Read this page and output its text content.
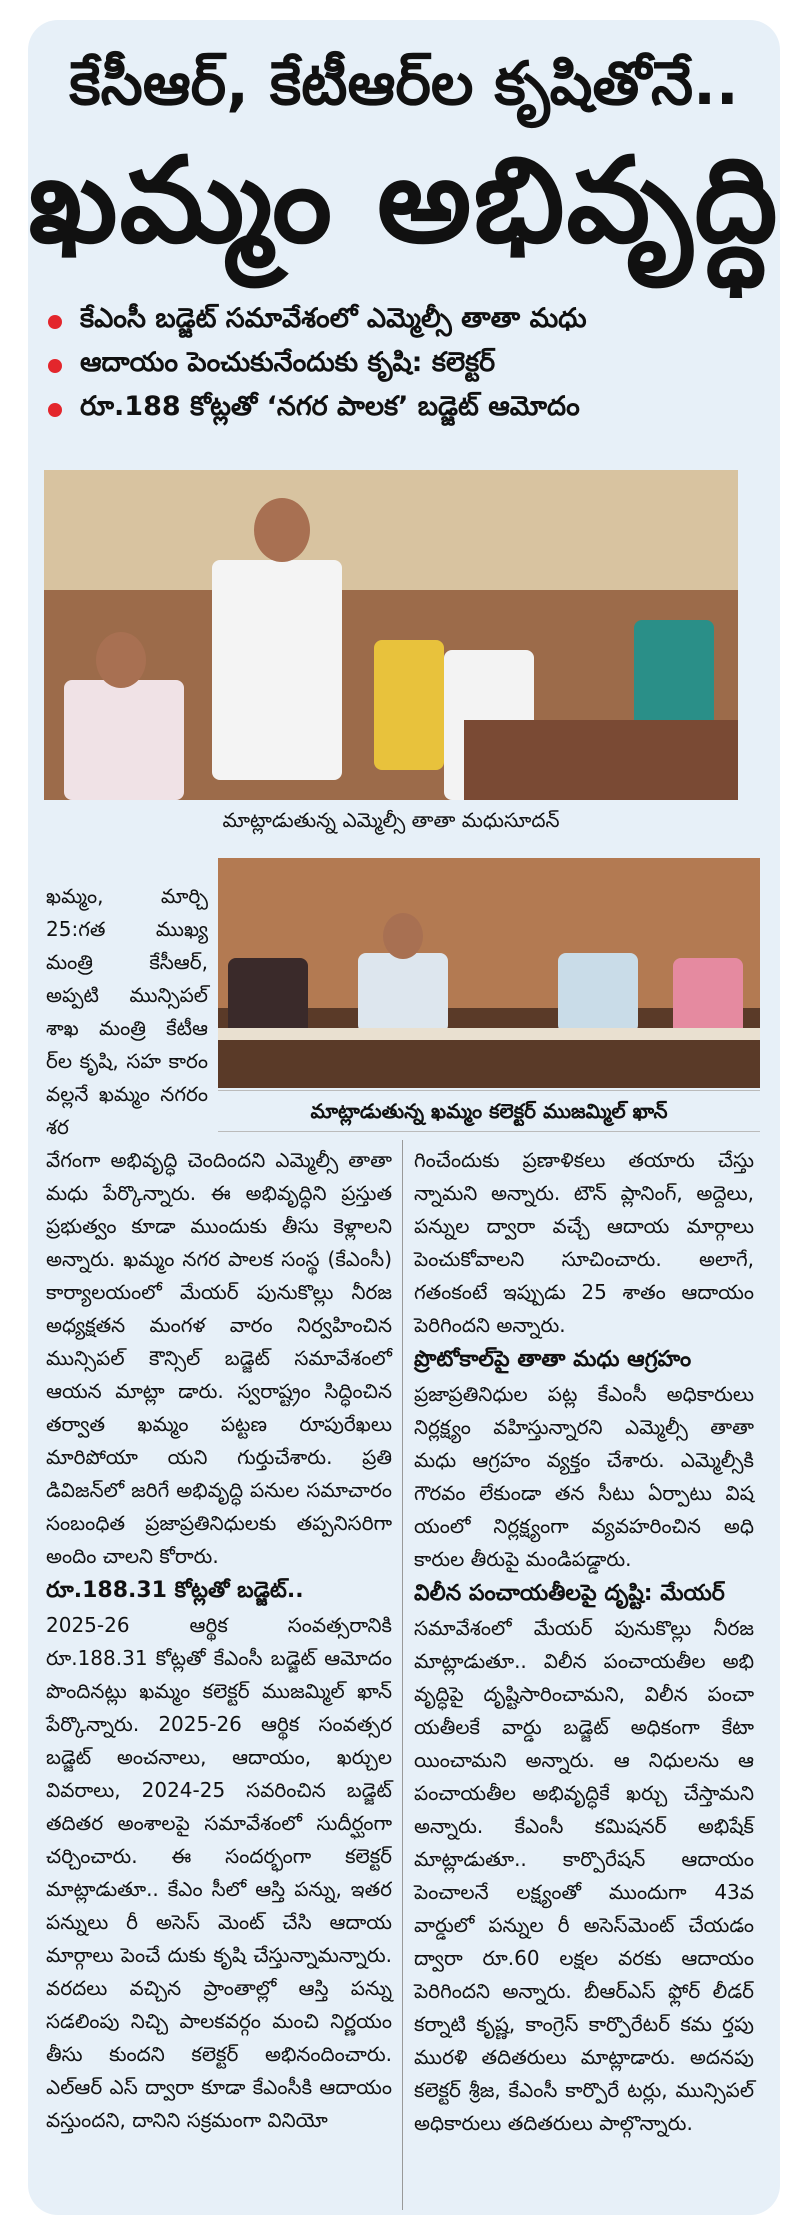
కేసీఆర్, కేటీఆర్‌ల కృషితోనే..
ఖమ్మం అభివృద్ధి
కేఎంసీ బడ్జెట్ సమావేశంలో ఎమ్మెల్సీ తాతా మధు
ఆదాయం పెంచుకునేందుకు కృషి: కలెక్టర్
రూ.188 కోట్లతో ‘నగర పాలక’ బడ్జెట్ ఆమోదం
మాట్లాడుతున్న ఎమ్మెల్సీ తాతా మధుసూదన్
మాట్లాడుతున్న ఖమ్మం కలెక్టర్ ముజమ్మిల్ ఖాన్
ఖమ్మం, మార్చి 25:గత ముఖ్య మంత్రి కేసీఆర్, అప్పటి మున్సిపల్ శాఖ మంత్రి కేటీఆ ర్‌ల కృషి, సహ కారం వల్లనే ఖమ్మం నగరం శర

వేగంగా అభివృద్ధి చెందిందని ఎమ్మెల్సీ తాతా మధు పేర్కొన్నారు. ఈ అభివృద్ధిని ప్రస్తుత ప్రభుత్వం కూడా ముందుకు తీసు కెళ్లాలని అన్నారు. ఖమ్మం నగర పాలక సంస్థ (కేఎంసీ) కార్యాలయంలో మేయర్ పునుకొల్లు నీరజ అధ్యక్షతన మంగళ వారం నిర్వహించిన మున్సిపల్ కౌన్సిల్ బడ్జెట్ సమావేశంలో ఆయన మాట్లా డారు. స్వరాష్ట్రం సిద్ధించిన తర్వాత ఖమ్మం పట్టణ రూపురేఖలు మారిపోయా యని గుర్తుచేశారు. ప్రతి డివిజన్‌లో జరిగే అభివృద్ధి పనుల సమాచారం సంబంధిత ప్రజాప్రతినిధులకు తప్పనిసరిగా అందిం చాలని కోరారు.

రూ.188.31 కోట్లతో బడ్జెట్..

2025-26 ఆర్థిక సంవత్సరానికి రూ.188.31 కోట్లతో కేఎంసీ బడ్జెట్ ఆమోదం పొందినట్లు ఖమ్మం కలెక్టర్ ముజమ్మిల్ ఖాన్ పేర్కొన్నారు. 2025-26 ఆర్థిక సంవత్సర బడ్జెట్ అంచనాలు, ఆదాయం, ఖర్చుల వివరాలు, 2024-25 సవరించిన బడ్జెట్ తదితర అంశాలపై సమావేశంలో సుదీర్ఘంగా చర్చించారు. ఈ సందర్భంగా కలెక్టర్ మాట్లాడుతూ.. కేఎం సీలో ఆస్తి పన్ను, ఇతర పన్నులు రీ అసెస్ మెంట్ చేసి ఆదాయ మార్గాలు పెంచే దుకు కృషి చేస్తున్నామన్నారు. వరదలు వచ్చిన ప్రాంతాల్లో ఆస్తి పన్ను సడలింపు నిచ్చి పాలకవర్గం మంచి నిర్ణయం తీసు కుందని కలెక్టర్ అభినందించారు. ఎల్ఆర్ ఎస్ ద్వారా కూడా కేఎంసీకి ఆదాయం వస్తుందని, దానిని సక్రమంగా వినియో

గించేందుకు ప్రణాళికలు తయారు చేస్తు న్నామని అన్నారు. టౌన్ ప్లానింగ్, అద్దెలు, పన్నుల ద్వారా వచ్చే ఆదాయ మార్గాలు పెంచుకోవాలని సూచించారు. అలాగే, గతంకంటే ఇప్పుడు 25 శాతం ఆదాయం పెరిగిందని అన్నారు.

ప్రొటోకాల్‌పై తాతా మధు ఆగ్రహం

ప్రజాప్రతినిధుల పట్ల కేఎంసీ అధికారులు నిర్లక్ష్యం వహిస్తున్నారని ఎమ్మెల్సీ తాతా మధు ఆగ్రహం వ్యక్తం చేశారు. ఎమ్మెల్సీకి గౌరవం లేకుండా తన సీటు ఏర్పాటు విష యంలో నిర్లక్ష్యంగా వ్యవహరించిన అధి కారుల తీరుపై మండిపడ్డారు.

విలీన పంచాయతీలపై దృష్టి: మేయర్

సమావేశంలో మేయర్ పునుకొల్లు నీరజ మాట్లాడుతూ.. విలీన పంచాయతీల అభి వృద్ధిపై దృష్టిసారించామని, విలీన పంచా యతీలకే వార్డు బడ్జెట్ అధికంగా కేటా యించామని అన్నారు. ఆ నిధులను ఆ పంచాయతీల అభివృద్ధికే ఖర్చు చేస్తామని అన్నారు. కేఎంసీ కమిషనర్ అభిషేక్ మాట్లాడుతూ.. కార్పొరేషన్ ఆదాయం పెంచాలనే లక్ష్యంతో ముందుగా 43వ వార్డులో పన్నుల రీ అసెస్‌మెంట్ చేయడం ద్వారా రూ.60 లక్షల వరకు ఆదాయం పెరిగిందని అన్నారు. బీఆర్ఎస్ ఫ్లోర్ లీడర్ కర్నాటి కృష్ణ, కాంగ్రెస్ కార్పొరేటర్ కమ ర్తపు మురళి తదితరులు మాట్లాడారు. అదనపు కలెక్టర్ శ్రీజ, కేఎంసీ కార్పొరే టర్లు, మున్సిపల్ అధికారులు తదితరులు పాల్గొన్నారు.
